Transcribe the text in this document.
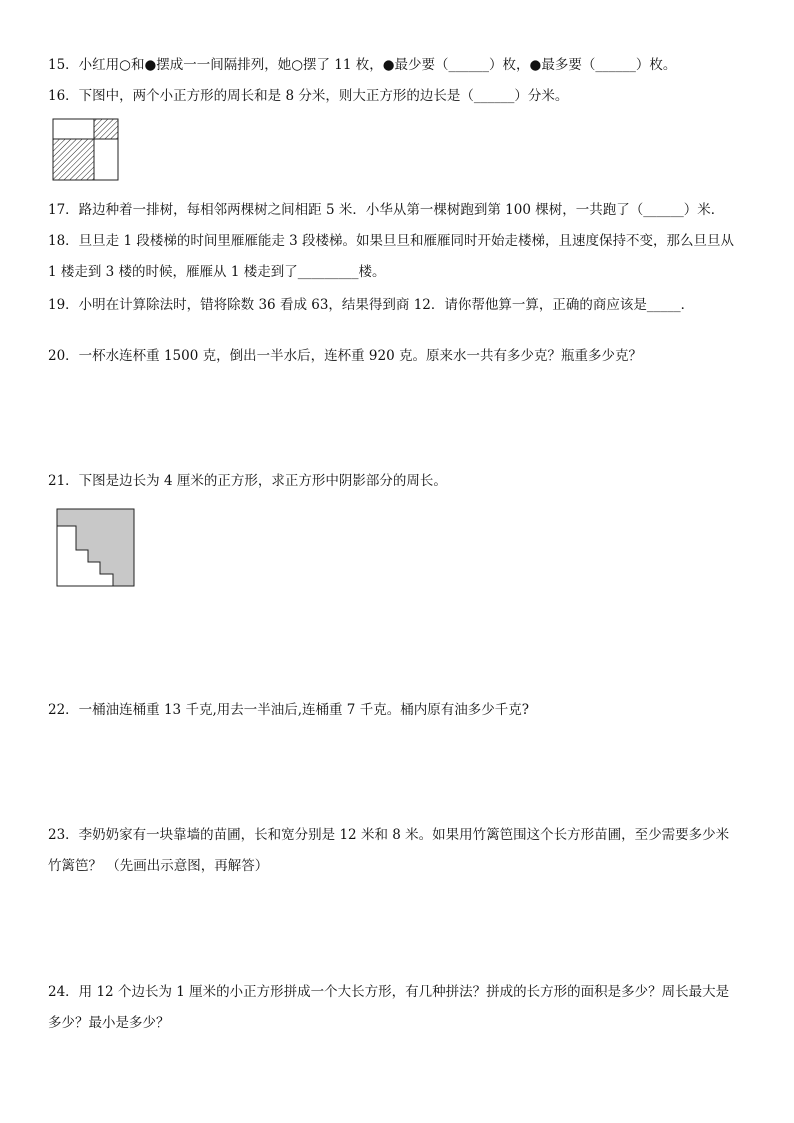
15．小红用○和●摆成一一间隔排列，她○摆了 11 枚，●最少要（______）枚，●最多要（______）枚。
16．下图中，两个小正方形的周长和是 8 分米，则大正方形的边长是（______）分米。
17．路边种着一排树，每相邻两棵树之间相距 5 米．小华从第一棵树跑到第 100 棵树，一共跑了（______）米．
18．旦旦走 1 段楼梯的时间里雁雁能走 3 段楼梯。如果旦旦和雁雁同时开始走楼梯，且速度保持不变，那么旦旦从
1 楼走到 3 楼的时候，雁雁从 1 楼走到了_________楼。
19．小明在计算除法时，错将除数 36 看成 63，结果得到商 12．请你帮他算一算，正确的商应该是_____．
20．一杯水连杯重 1500 克，倒出一半水后，连杯重 920 克。原来水一共有多少克？瓶重多少克？
21．下图是边长为 4 厘米的正方形，求正方形中阴影部分的周长。
22．一桶油连桶重 13 千克,用去一半油后,连桶重 7 千克。桶内原有油多少千克?
23．李奶奶家有一块靠墙的苗圃，长和宽分别是 12 米和 8 米。如果用竹篱笆围这个长方形苗圃，至少需要多少米
竹篱笆？ （先画出示意图，再解答）
24．用 12 个边长为 1 厘米的小正方形拼成一个大长方形，有几种拼法？拼成的长方形的面积是多少？周长最大是
多少？最小是多少？
